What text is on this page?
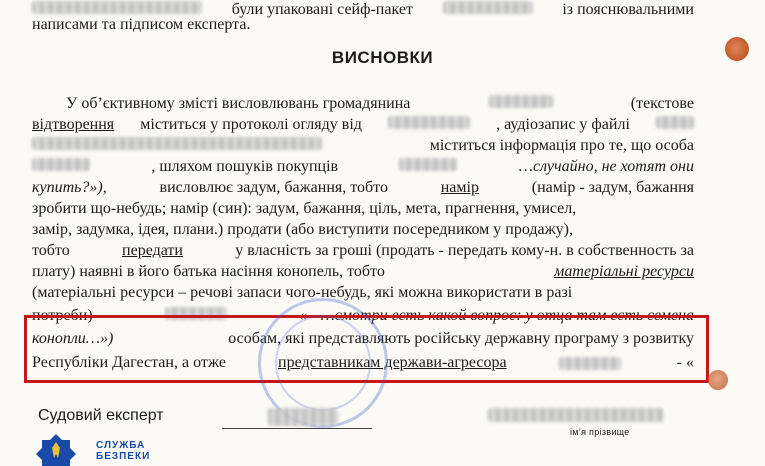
були упаковані сейф-пакет	із пояснювальними
написами та підписом експерта.
ВИСНОВКИ
У об’єктивному змісті висловлювань громадянина	(текстове
відтворення міститься у протоколі огляду від	, аудіозапис у файлі
міститься інформація про те, що особа
, шляхом пошуків покупців	…случайно, не хотят они
купить?»),	висловлює задум, бажання, тобто	намір	(намір - задум, бажання
зробити що-небудь; намір (син): задум, бажання, ціль, мета, прагнення, умисел,
замір, задумка, ідея, плани.) продати (або виступити посередником у продажу),
тобто	передати	у власність за гроші (продать - передать кому-н. в собственность за
плату) наявні в його батька насіння конопель, тобто	матеріальні ресурси
(матеріальні ресурси – речові запаси чого-небудь, які можна використати в разі
потреби)	« - …смотри есть какой вопрос: у отца там есть семена
конопли…»)	особам, які представляють російську державну програму з розвитку
Республіки Дагестан, а отже	представникам держави-агресора	- «
Судовий експерт
ім’я прізвище
СЛУЖБА
БЕЗПЕКИ
